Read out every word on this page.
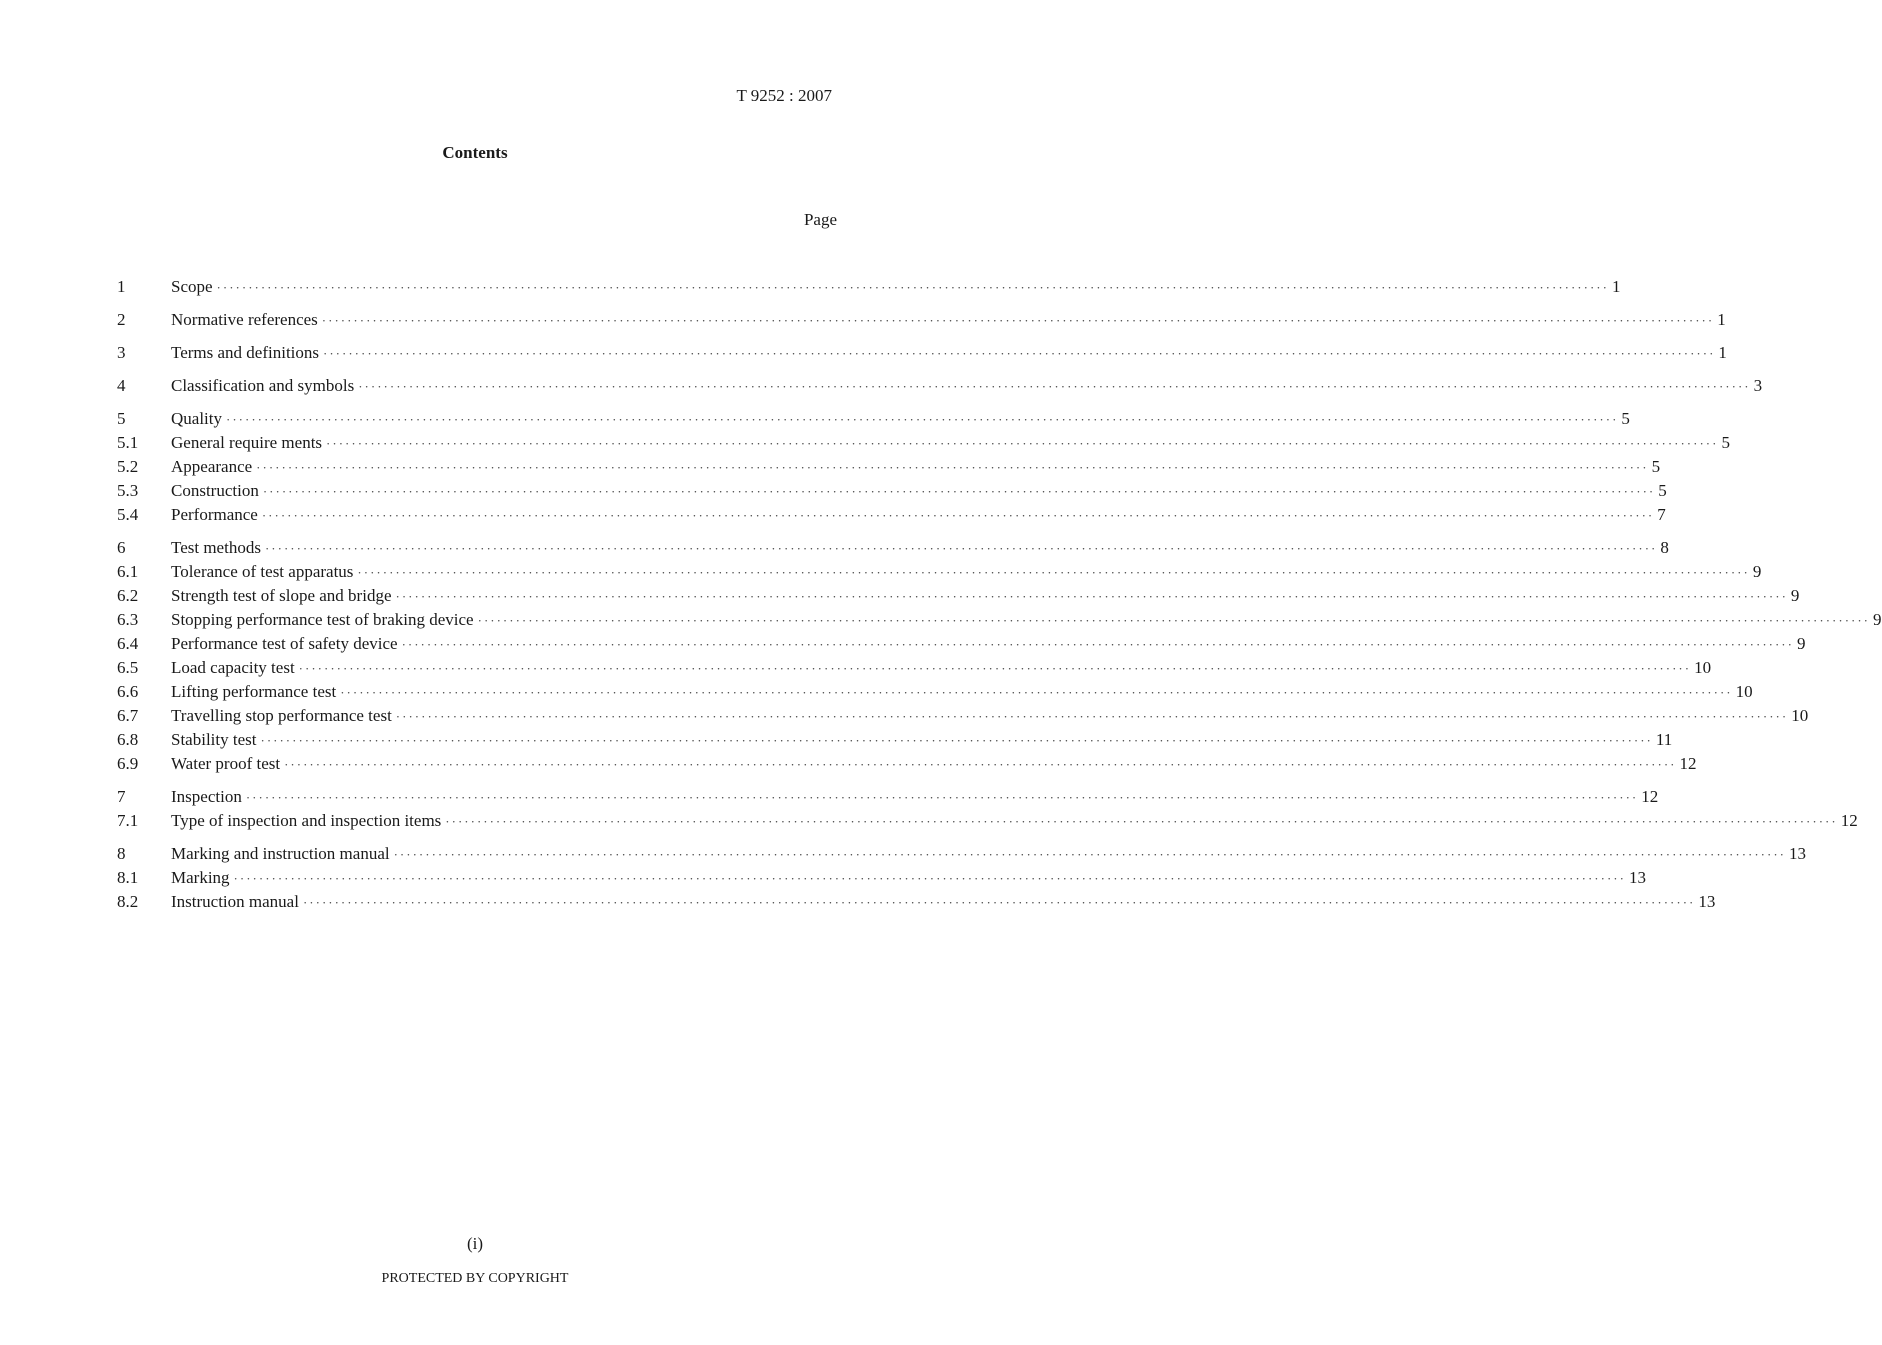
T 9252 : 2007
Contents
Page
1	Scope ···························································································································································································································· 1
2	Normative references ···························································································································································································································· 1
3	Terms and definitions ···························································································································································································································· 1
4	Classification and symbols ···························································································································································································································· 3
5	Quality ···························································································································································································································· 5
5.1	General require ments ···························································································································································································································· 5
5.2	Appearance ···························································································································································································································· 5
5.3	Construction ···························································································································································································································· 5
5.4	Performance ···························································································································································································································· 7
6	Test methods ···························································································································································································································· 8
6.1	Tolerance of test apparatus ···························································································································································································································· 9
6.2	Strength test of slope and bridge ···························································································································································································································· 9
6.3	Stopping performance test of braking device ···························································································································································································································· 9
6.4	Performance test of safety device ···························································································································································································································· 9
6.5	Load capacity test ···························································································································································································································· 10
6.6	Lifting performance test ···························································································································································································································· 10
6.7	Travelling stop performance test ···························································································································································································································· 10
6.8	Stability test ···························································································································································································································· 11
6.9	Water proof test ···························································································································································································································· 12
7	Inspection ···························································································································································································································· 12
7.1	Type of inspection and inspection items ···························································································································································································································· 12
8	Marking and instruction manual ···························································································································································································································· 13
8.1	Marking ···························································································································································································································· 13
8.2	Instruction manual ···························································································································································································································· 13
(i)
PROTECTED BY COPYRIGHT
